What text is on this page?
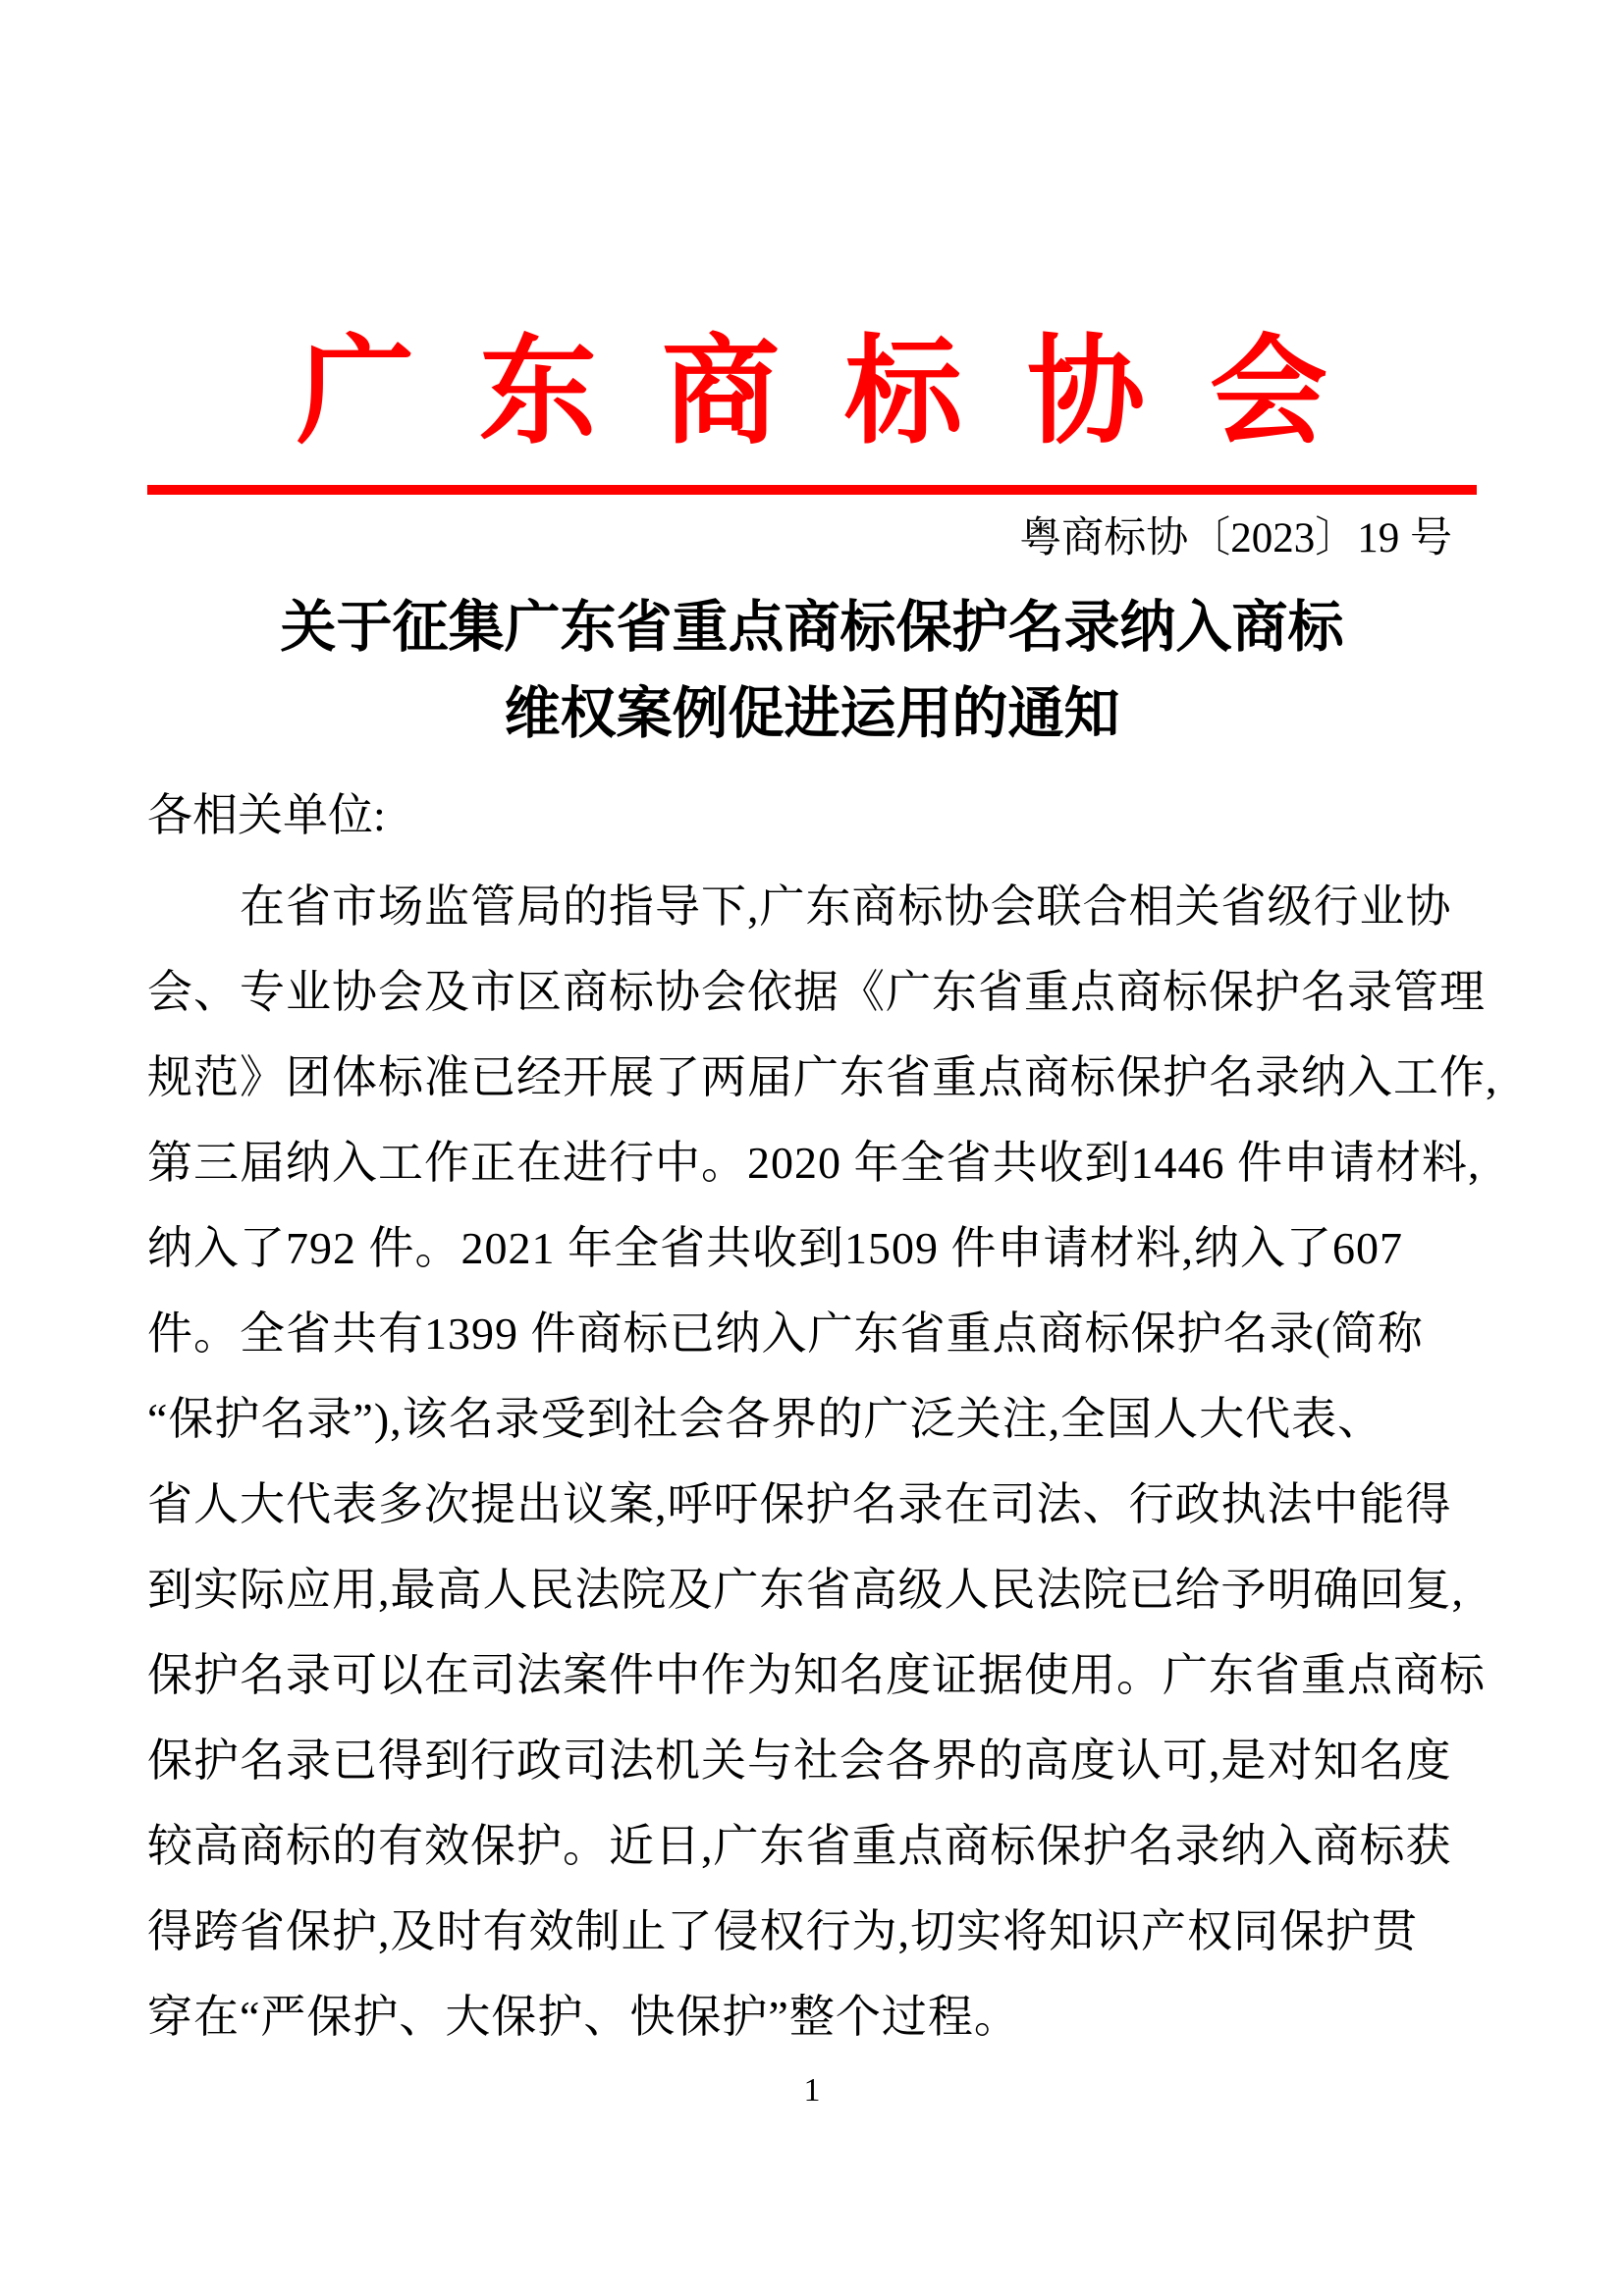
广东商标协会
粤商标协〔2023〕19 号
关于征集广东省重点商标保护名录纳入商标
维权案例促进运用的通知
各相关单位:
在省市场监管局的指导下,广东商标协会联合相关省级行业协
会、专业协会及市区商标协会依据《广东省重点商标保护名录管理
规范》团体标准已经开展了两届广东省重点商标保护名录纳入工作,
第三届纳入工作正在进行中。2020 年全省共收到1446 件申请材料,
纳入了792 件。2021 年全省共收到1509 件申请材料,纳入了607
件。全省共有1399 件商标已纳入广东省重点商标保护名录(简称
“保护名录”),该名录受到社会各界的广泛关注,全国人大代表、
省人大代表多次提出议案,呼吁保护名录在司法、行政执法中能得
到实际应用,最高人民法院及广东省高级人民法院已给予明确回复,
保护名录可以在司法案件中作为知名度证据使用。广东省重点商标
保护名录已得到行政司法机关与社会各界的高度认可,是对知名度
较高商标的有效保护。近日,广东省重点商标保护名录纳入商标获
得跨省保护,及时有效制止了侵权行为,切实将知识产权同保护贯
穿在“严保护、大保护、快保护”整个过程。
1
